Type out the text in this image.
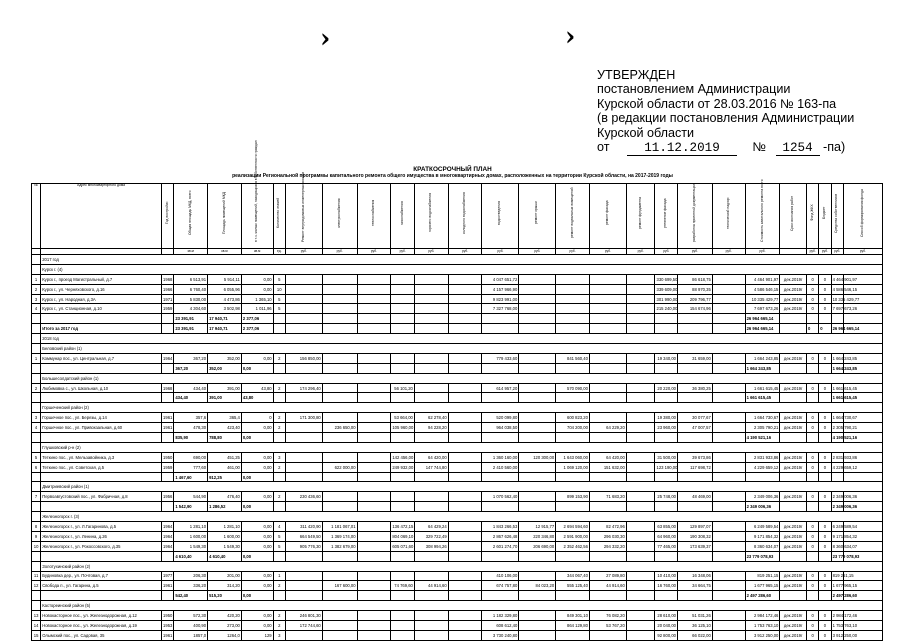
›	›
УТВЕРЖДЕН
постановлением Администрации
Курской области от 28.03.2016 № 163-па
(в редакции постановления Администрации
Курской области
от	11.12.2019	№ 1254 -па)
КРАТКОСРОЧНЫЙ ПЛАН
реализации Региональной программы капитального ремонта общего имущества в многоквартирных домах, расположенных на территории Курской области, на 2017-2019 годы
№	Адрес многоквартирного дома	Год постройки	Общая площадь МКД, всего	Площадь помещений МКД	в т.ч. жилых помещений, находящихся в собственности граждан	Количество этажей	Ремонт внутридомовых инженерных систем	электроснабжения	теплоснабжения	газоснабжения	горячего водоснабжения	холодного водоснабжения	водоотведения	ремонт крыши	ремонт подвальных помещений	ремонт фасада	ремонт фундамента	утепление фасада	разработка проектной документации	технический надзор	Стоимость капитального ремонта всего	Срок окончания работ	Фонд ЖКХ	Бюджет	Средства собственников	Способ формирования фонда
			кв.м	кв.м	кв.м	ед.	руб.	руб.	руб.	руб.	руб.	руб.	руб.	руб.	руб.	руб.	руб.	руб.	руб.	руб.	руб.		руб.	руб.	руб.	руб.
	2017 год																									
	Курск г. (4)																									
1	Курск г., проезд Магистральный, д.7	1968	6 513,91	5 914,11	0,00	5							4 047 651,72					330 699,50	86 618,75		4 464 901,97	дек.2019г	0	0	4 464 901,97	
2	Курск г., ул. Черняховского, д.16	1966	6 760,40	6 055,96	0,00	10							4 157 966,90					339 609,00	88 970,35		4 586 546,15	дек.2019г	0	0	4 586 546,15	
3	Курск г., ул. Народная, д.3А	1971	5 830,00	4 473,86	1 365,10	5							9 823 991,00					301 990,00	209 796,77		10 335 429,77	дек.2019г	0	0	10 335 429,77	
4	Курск г., ул. Станционная, д.10	1959	4 304,60	3 502,98	1 011,96	5							7 327 768,00					215 240,00	154 674,96		7 697 673,26	дек.2019г	0	0	7 697 673,26	
			23 391,91	17 940,71	2 377,06																26 964 665,14					
	Итого за 2017 год		23 391,91	17 940,71	2 377,06																26 964 665,14		0	0	26 964 665,14	
	2018 год																									
	Беловский район (1)																									
1	Коммунар пос., ул. Центральная, д.7	1964	367,20	352,00	0,00	2	156 850,00						779 433,60		841 560,40			19 340,00	31 659,00		1 664 243,85	дек.2019г	0	0	1 664 243,85	
			367,20	352,00	0,00																1 664 243,85				1 664 243,85	
	Большесолдатский район (1)																									
2	Любимовка с., ул. Школьная, д.10	1968	434,40	391,00	43,80	2	174 296,40			56 101,20			614 957,20		570 090,00			20 220,00	36 380,25		1 661 615,45	дек.2019г	0	0	1 661 615,45	
			434,40	391,00	43,80																1 661 615,45				1 661 615,45	
	Горшеченский район (2)																									
3	Горшечное пос., ул. Березы, д.14	1961	357,6	365,4	0	2	171 300,80			53 664,00	62 278,40		520 099,80		600 823,20			19 380,00	30 077,67		1 664 730,67	дек.2019г	0	0	1 664 730,67	
4	Горшечное пос., ул. Привокзальная, д.60	1961	478,30	423,40	0,00	2		236 650,00		105 960,00	94 228,20		964 038,50		704 200,00	64 229,20		23 960,00	47 007,57		2 305 790,21	дек.2019г	0	0	2 305 790,21	
			835,90	788,80	0,00																4 190 521,16				4 190 521,16	
	Глушковский р-н (2)																									
5	Теткино пос., ул. Мельзавойника, д.3	1950	690,00	451,25	0,00	3				142 456,00	64 420,00		1 360 160,00	120 300,00	1 643 060,00	64 420,00		31 500,00	39 673,86		2 831 933,86	дек.2019г	0	0	2 831 933,86	
6	Теткино пос., ул. Советская, д.5	1959	777,60	461,00	0,00	2		622 000,00		249 932,00	147 744,80		2 410 560,00		1 069 120,00	151 632,00		123 190,00	117 698,72		4 229 659,12	дек.2019г	0	0	4 229 659,12	
			1 467,60	912,25	0,00																					
	Дмитриевский район (1)																									
7	Первоавгустовский пос., ул. Фабричная, д.8	1956	544,90	476,40	0,00	2	230 436,60						1 070 562,40		899 153,90	71 683,20		25 748,00	48 469,00		2 349 006,36	дек.2019г	0	0	2 349 006,36	
			1 542,90	1 286,52	0,00																2 349 006,36				2 349 006,36	
	Железногорск г. (3)																									
8	Железногорск г., ул. Л.Гагаринова, д.5	1964	1 281,10	1 281,10	0,00	4	311 420,90	1 181 067,01		136 472,15	64 429,24		1 843 266,53	12 915,77	2 694 594,60	82 472,96		63 855,00	129 897,07		6 249 589,54	дек.2019г	0	0	6 249 589,54	
9	Железногорск г., ул. Ленина, д.26	1964	1 600,00	1 600,00	0,00	5	664 549,50	1 369 174,00		804 069,10	329 722,49		2 867 626,48	220 346,80	2 591 900,00	296 030,30		64 960,00	190 308,32		9 171 854,32	дек.2019г	0	0	9 171 854,32	
10	Железногорск г., ул. Рокоссовского, д.35	1964	1 549,30	1 549,30	0,00	5	905 776,30	1 382 679,00		605 071,60	308 994,26		2 601 274,70	206 690,00	2 352 462,56	294 332,20		77 465,00	173 639,37		8 360 634,07	дек.2019г	0	0	8 360 634,07	
			4 610,40	4 610,40	0,00																23 779 078,93				23 779 078,93	
	Золотухинский район (2)																									
11	Будиновка дер., ул. Почтовая, д.7	1977	206,30	201,00	0,00	1							410 106,00		344 067,40	27 089,80		10 410,00	16 348,06		819 251,15	дек.2019г	0	0	819 251,15	
12	Свобода п., ул. Гагарина, д.5	1961	336,20	314,20	0,00	2		167 600,00		74 769,60	44 914,60		674 757,80	84 023,20	555 125,40	44 914,60		16 760,00	34 664,75		1 677 965,15	дек.2019г	0	0	1 677 965,15	
			542,40	515,20	0,00																2 497 286,60				2 497 286,60	
	Кастореинский район (5)																									
13	Новокасторное пос., ул. Железнодорожная, д.12	1950	572,30	420,20	0,00	2	246 801,30						1 182 329,80		849 301,10	76 082,20		28 610,00	51 031,26		2 984 172,46	дек.2019г	0	0	2 984 172,46	
14	Новокасторное пос., ул. Железнодорожная, д.19	1953	400,90	273,00	0,00	2	172 744,60						608 612,40		864 129,80	53 767,20		20 040,00	36 125,10		1 753 763,10	дек.2019г	0	0	1 753 763,10	
15	Олымский пос., ул. Садовая, 35	1961	1857,0	1264,0	129	3							3 730 240,80					92 800,00	66 022,00		3 912 250,00	дек.2019г	0	0	3 912 250,00	
